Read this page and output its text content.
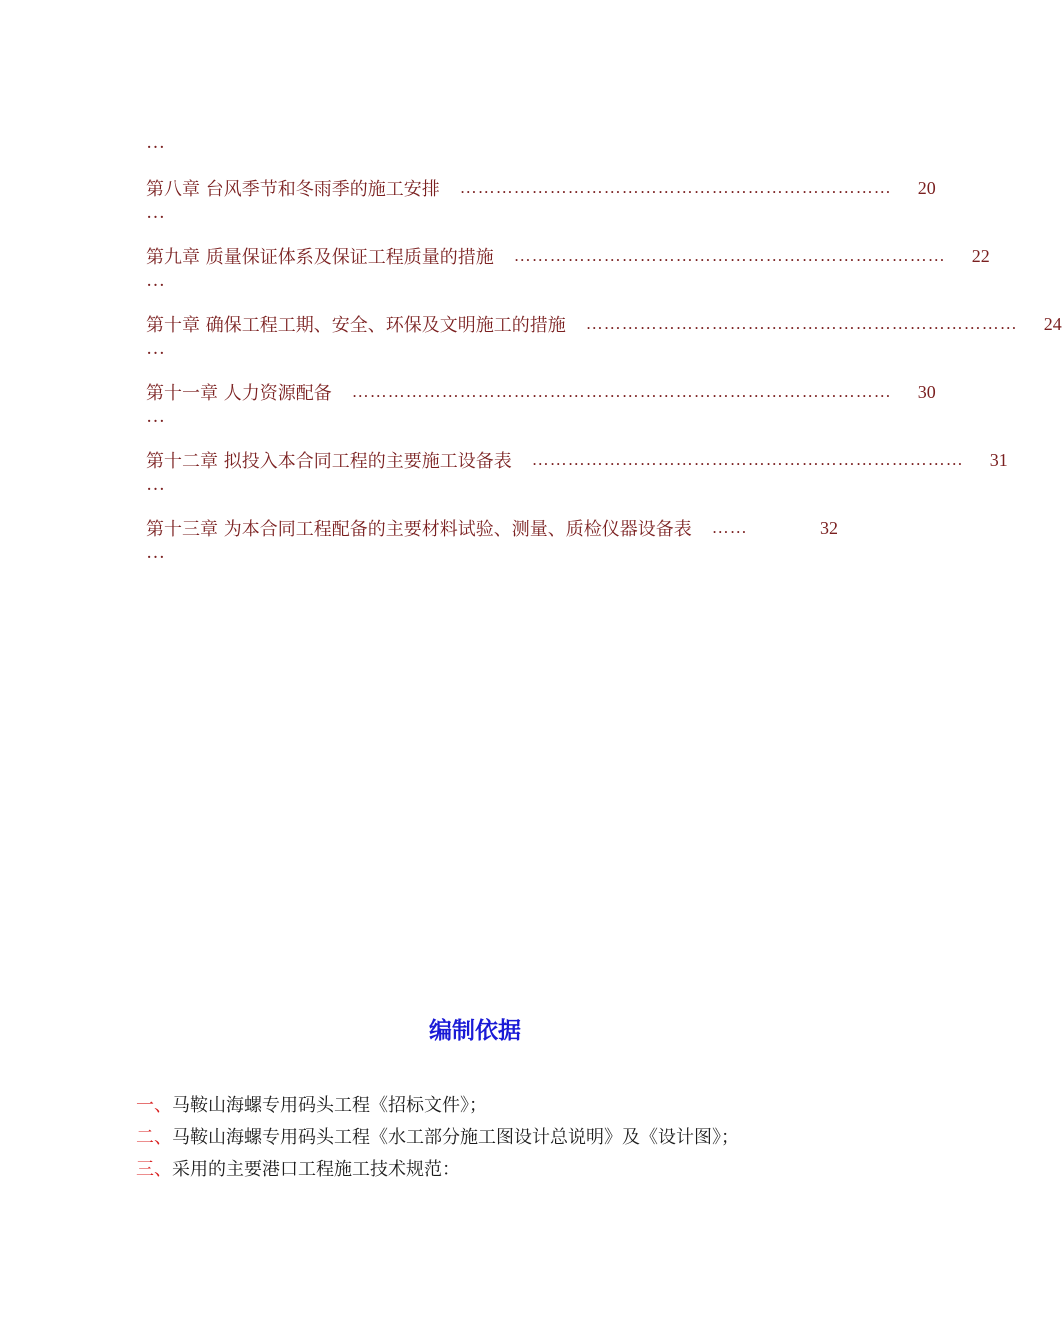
…
第八章 台风季节和冬雨季的施工安排 ……………………………………………………………… 20
…
第九章 质量保证体系及保证工程质量的措施 ……………………………………………………………… 22
…
第十章 确保工程工期、安全、环保及文明施工的措施 ……………………………………………………………… 24
…
第十一章 人力资源配备 ……………………………………………………………………………… 30
…
第十二章 拟投入本合同工程的主要施工设备表 ……………………………………………………………… 31
…
第十三章 为本合同工程配备的主要材料试验、测量、质检仪器设备表 ……	32
…
编制依据
一、 马鞍山海螺专用码头工程《招标文件》；
二、 马鞍山海螺专用码头工程《水工部分施工图设计总说明》及《设计图》；
三、 采用的主要港口工程施工技术规范：
